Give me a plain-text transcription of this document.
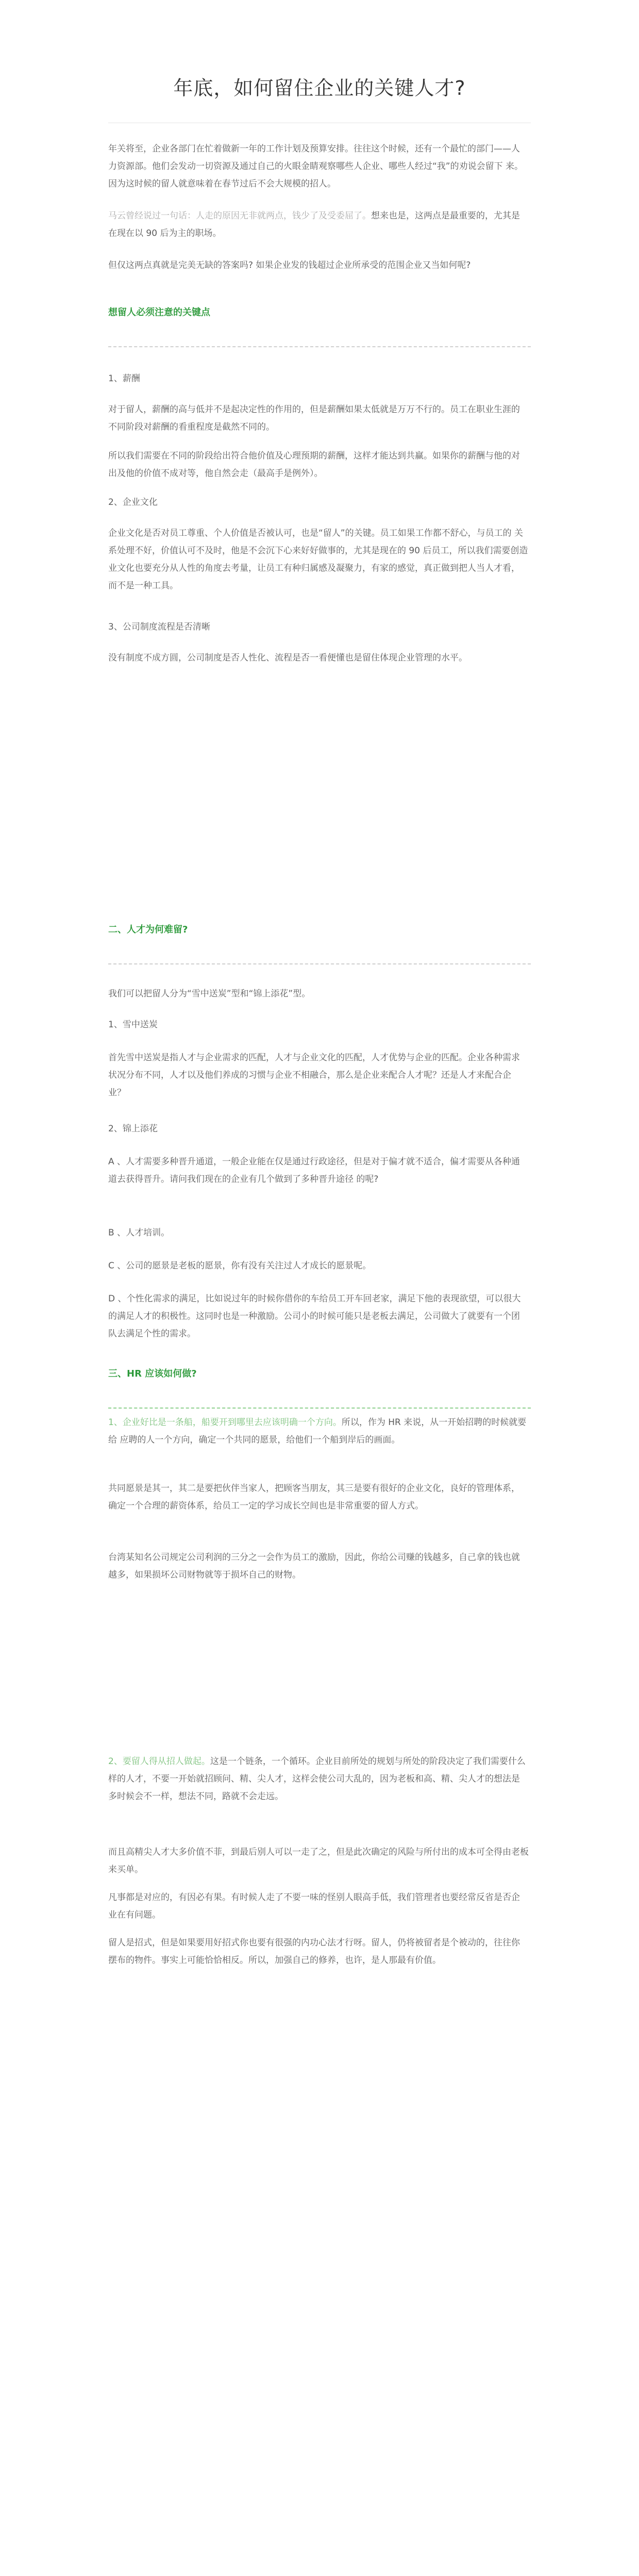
年底，如何留住企业的关键人才?

年关将至，企业各部门在忙着做新一年的工作计划及预算安排。往往这个时候，还有一个最忙的部门——人 力资源部。他们会发动一切资源及通过自己的火眼金睛观察哪些人企业、哪些人经过“我”的劝说会留下 来。因为这时候的留人就意味着在春节过后不会大规模的招人。

马云曾经说过一句话：人走的原因无非就两点，钱少了及受委屈了。想来也是，这两点是最重要的，尤其是 在现在以 90 后为主的职场。

但仅这两点真就是完美无缺的答案吗? 如果企业发的钱超过企业所承受的范围企业又当如何呢?

想留人必须注意的关键点

1、薪酬

对于留人，薪酬的高与低并不是起决定性的作用的，但是薪酬如果太低就是万万不行的。员工在职业生涯的 不同阶段对薪酬的看重程度是截然不同的。

所以我们需要在不同的阶段给出符合他价值及心理预期的薪酬，这样才能达到共赢。如果你的薪酬与他的对 出及他的价值不成对等，他自然会走（最高手是例外）。

2、企业文化

企业文化是否对员工尊重、个人价值是否被认可，也是“留人”的关键。员工如果工作都不舒心，与员工的 关系处理不好，价值认可不及时，他是不会沉下心来好好做事的，尤其是现在的 90 后员工，所以我们需要创造 业文化也要充分从人性的角度去考量，让员工有种归属感及凝聚力，有家的感觉，真正做到把人当人才看， 而不是一种工具。

3、公司制度流程是否清晰

没有制度不成方圆，公司制度是否人性化、流程是否一看便懂也是留住体现企业管理的水平。

二、人才为何难留?

我们可以把留人分为“雪中送炭”型和“锦上添花”型。

1、雪中送炭

首先雪中送炭是指人才与企业需求的匹配，人才与企业文化的匹配，人才优势与企业的匹配。企业各种需求 状况分布不同，人才以及他们养成的习惯与企业不相融合，那么是企业来配合人才呢？还是人才来配合企 业？

2、锦上添花

A 、人才需要多种晋升通道，一般企业能在仅是通过行政途径，但是对于偏才就不适合，偏才需要从各种通 道去获得晋升。请问我们现在的企业有几个做到了多种晋升途径 的呢?

B 、人才培训。

C 、公司的愿景是老板的愿景，你有没有关注过人才成长的愿景呢。

D 、个性化需求的满足，比如说过年的时候你借你的车给员工开车回老家，满足下他的表现欲望，可以很大 的满足人才的积极性。这同时也是一种激励。公司小的时候可能只是老板去满足，公司做大了就要有一个团 队去满足个性的需求。

三、HR 应该如何做?

1、企业好比是一条船，船要开到哪里去应该明确一个方向。所以，作为 HR 来说，从一开始招聘的时候就要给 应聘的人一个方向，确定一个共同的愿景，给他们一个船到岸后的画面。

共同愿景是其一，其二是要把伙伴当家人，把顾客当朋友，其三是要有很好的企业文化，良好的管理体系， 确定一个合理的薪资体系，给员工一定的学习成长空间也是非常重要的留人方式。

台湾某知名公司规定公司利润的三分之一会作为员工的激励，因此，你给公司赚的钱越多，自己拿的钱也就 越多，如果损坏公司财物就等于损坏自己的财物。

2、要留人得从招人做起。这是一个链条，一个循环。企业目前所处的规划与所处的阶段决定了我们需要什么 样的人才，不要一开始就招顾问、精、尖人才，这样会使公司大乱的，因为老板和高、精、尖人才的想法是 多时候会不一样，想法不同，路就不会走远。

而且高精尖人才大多价值不菲，到最后别人可以一走了之，但是此次确定的风险与所付出的成本可全得由老板 来买单。

凡事都是对应的，有因必有果。有时候人走了不要一味的怪别人眼高手低，我们管理者也要经常反省是否企 业在有问题。

留人是招式，但是如果要用好招式你也要有很强的内功心法才行呀。留人，仍将被留者是个被动的，往往你 摆布的物件。事实上可能恰恰相反。所以，加强自己的修养，也许，是人那最有价值。
